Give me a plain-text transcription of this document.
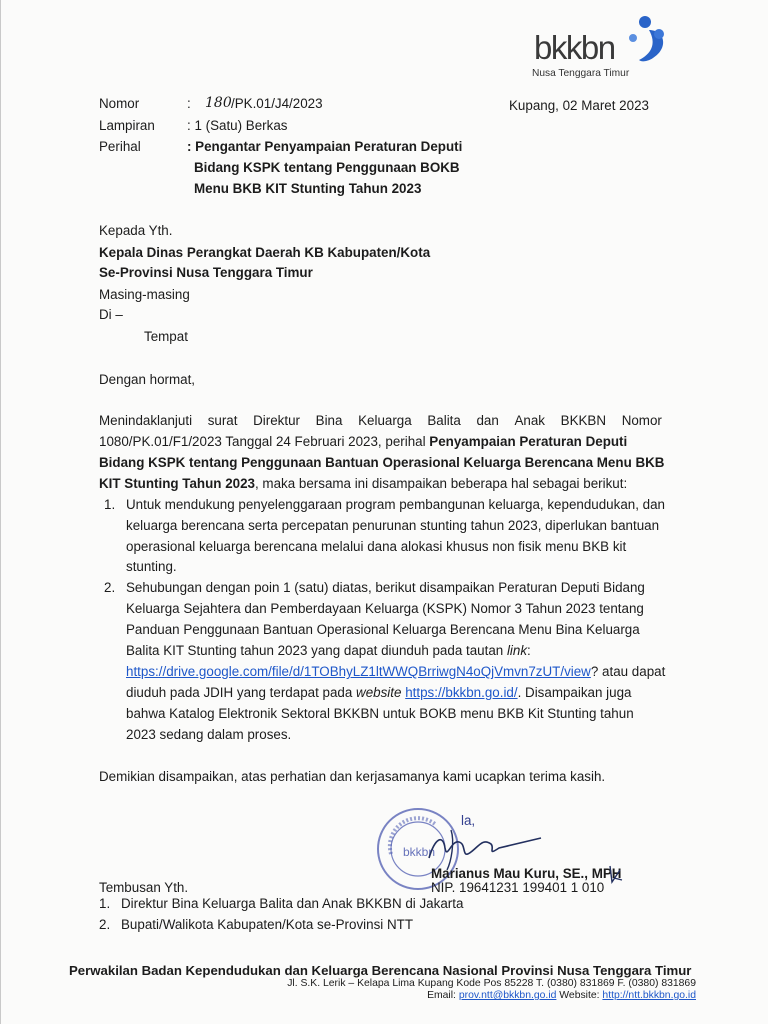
bkkbn
Nusa Tenggara Timur
Nomor	: 180 /PK.01/J4/2023	Kupang, 02 Maret 2023
Lampiran : 1 (Satu) Berkas
Perihal	: Pengantar Penyampaian Peraturan Deputi
Bidang KSPK tentang Penggunaan BOKB
Menu BKB KIT Stunting Tahun 2023
Kepada Yth.
Kepala Dinas Perangkat Daerah KB Kabupaten/Kota
Se-Provinsi Nusa Tenggara Timur
Masing-masing
Di –
Tempat
Dengan hormat,
Menindaklanjuti surat Direktur Bina Keluarga Balita dan Anak BKKBN Nomor
1080/PK.01/F1/2023 Tanggal 24 Februari 2023, perihal Penyampaian Peraturan Deputi
Bidang KSPK tentang Penggunaan Bantuan Operasional Keluarga Berencana Menu BKB
KIT Stunting Tahun 2023, maka bersama ini disampaikan beberapa hal sebagai berikut:
1. Untuk mendukung penyelenggaraan program pembangunan keluarga, kependudukan, dan
keluarga berencana serta percepatan penurunan stunting tahun 2023, diperlukan bantuan
operasional keluarga berencana melalui dana alokasi khusus non fisik menu BKB kit
stunting.
2. Sehubungan dengan poin 1 (satu) diatas, berikut disampaikan Peraturan Deputi Bidang
Keluarga Sejahtera dan Pemberdayaan Keluarga (KSPK) Nomor 3 Tahun 2023 tentang
Panduan Penggunaan Bantuan Operasional Keluarga Berencana Menu Bina Keluarga
Balita KIT Stunting tahun 2023 yang dapat diunduh pada tautan link:
https://drive.google.com/file/d/1TOBhyLZ1ltWWQBrriwgN4oQjVmvn7zUT/view? atau dapat
diuduh pada JDIH yang terdapat pada website https://bkkbn.go.id/. Disampaikan juga
bahwa Katalog Elektronik Sektoral BKKBN untuk BOKB menu BKB Kit Stunting tahun
2023 sedang dalam proses.
Demikian disampaikan, atas perhatian dan kerjasamanya kami ucapkan terima kasih.
bkkbn
la,
Marianus Mau Kuru, SE., MPH
NIP. 19641231 199401 1 010
Tembusan Yth.
1. Direktur Bina Keluarga Balita dan Anak BKKBN di Jakarta
2. Bupati/Walikota Kabupaten/Kota se-Provinsi NTT
Perwakilan Badan Kependudukan dan Keluarga Berencana Nasional Provinsi Nusa Tenggara Timur
Jl. S.K. Lerik – Kelapa Lima Kupang Kode Pos 85228 T. (0380) 831869 F. (0380) 831869
Email: prov.ntt@bkkbn.go.id Website: http://ntt.bkkbn.go.id
